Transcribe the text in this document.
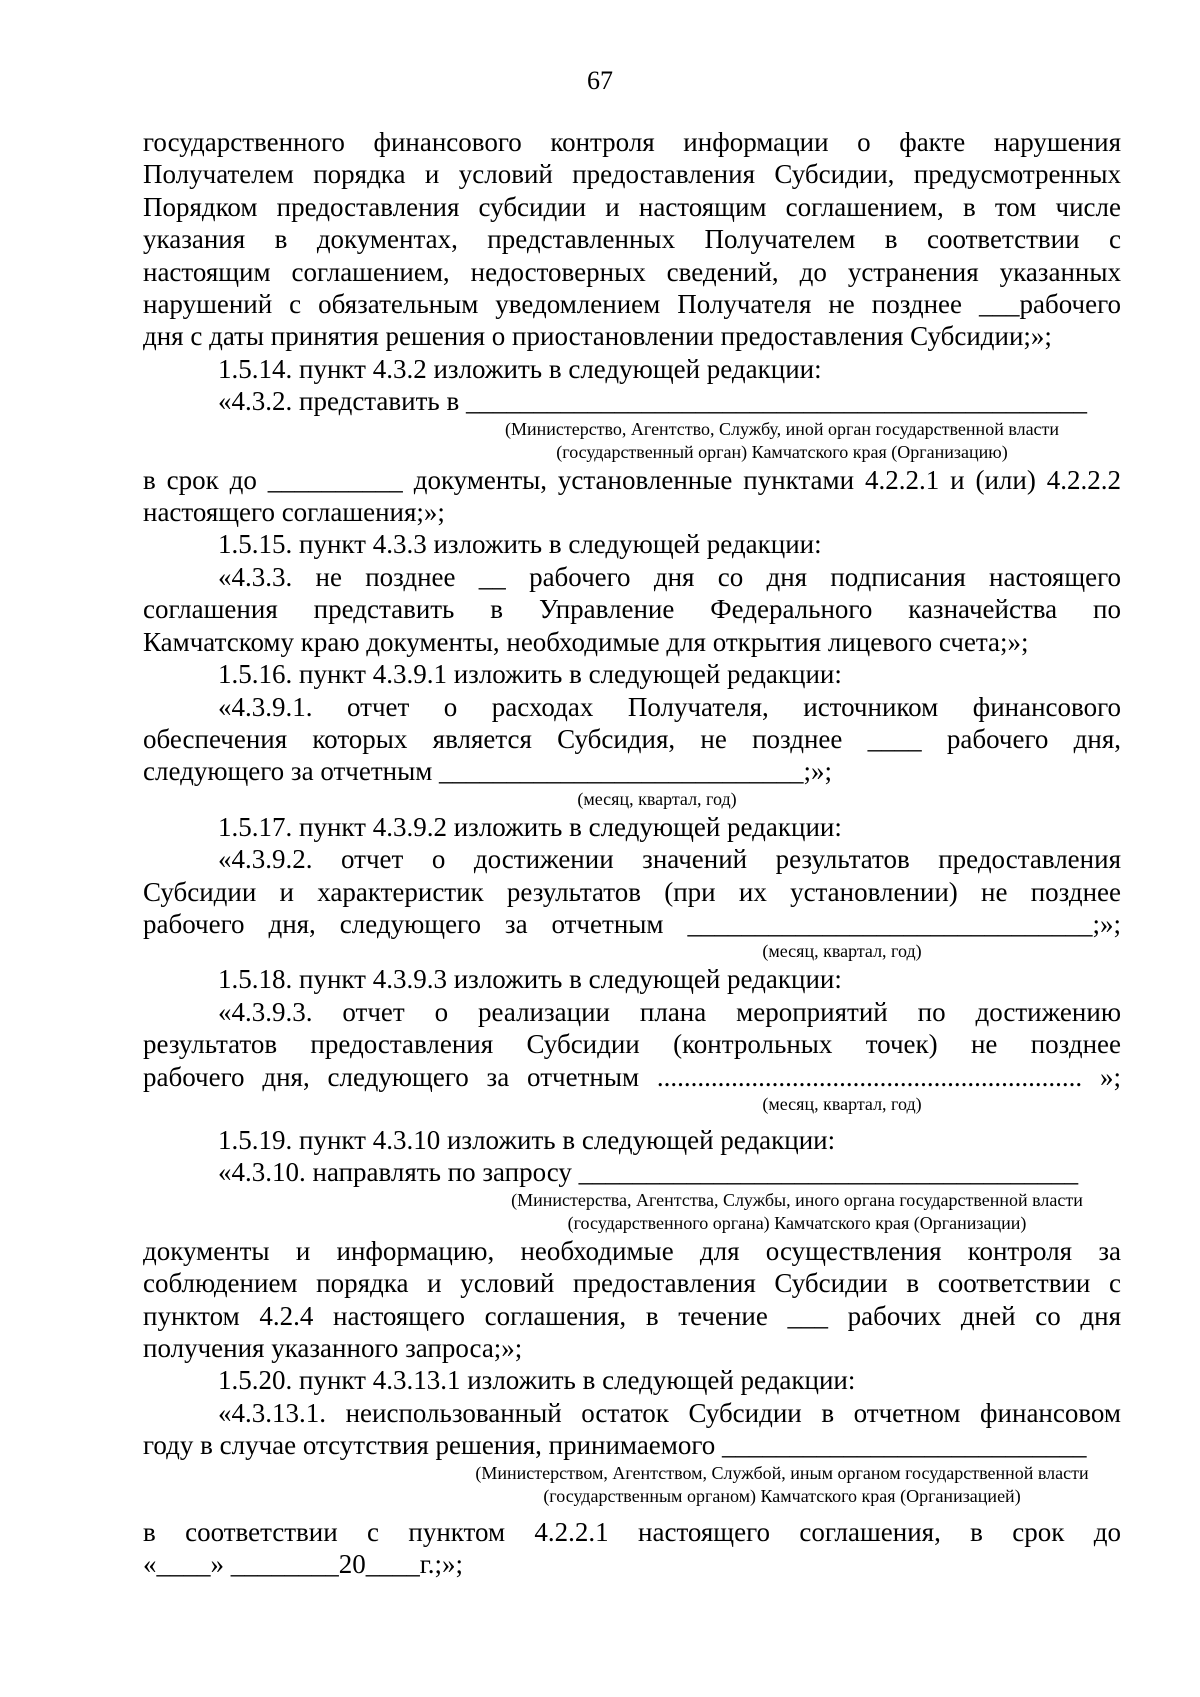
67

государственного финансового контроля информации о факте нарушения

Получателем порядка и условий предоставления Субсидии, предусмотренных

Порядком предоставления субсидии и настоящим соглашением, в том числе

указания в документах, представленных Получателем в соответствии с

настоящим соглашением, недостоверных сведений, до устранения указанных

нарушений с обязательным уведомлением Получателя не позднее ___рабочего

дня с даты принятия решения о приостановлении предоставления Субсидии;»;

1.5.14. пункт 4.3.2 изложить в следующей редакции:

«4.3.2. представить в ______________________________________________

(Министерство, Агентство, Службу, иной орган государственной власти

(государственный орган) Камчатского края (Организацию)

в срок до __________ документы, установленные пунктами 4.2.2.1 и (или) 4.2.2.2

настоящего соглашения;»;

1.5.15. пункт 4.3.3 изложить в следующей редакции:

«4.3.3. не позднее __ рабочего дня со дня подписания настоящего

соглашения представить в Управление Федерального казначейства по

Камчатскому краю документы, необходимые для открытия лицевого счета;»;

1.5.16. пункт 4.3.9.1 изложить в следующей редакции:

«4.3.9.1. отчет о расходах Получателя, источником финансового

обеспечения которых является Субсидия, не позднее ____ рабочего дня,

следующего за отчетным ___________________________;»;

(месяц, квартал, год)

1.5.17. пункт 4.3.9.2 изложить в следующей редакции:

«4.3.9.2. отчет о достижении значений результатов предоставления

Субсидии и характеристик результатов (при их установлении) не позднее

рабочего дня, следующего за отчетным ______________________________;»;

(месяц, квартал, год)

1.5.18. пункт 4.3.9.3 изложить в следующей редакции:

«4.3.9.3. отчет о реализации плана мероприятий по достижению

результатов предоставления Субсидии (контрольных точек) не позднее

рабочего дня, следующего за отчетным ............................................................... »;

(месяц, квартал, год)

1.5.19. пункт 4.3.10 изложить в следующей редакции:

«4.3.10. направлять по запросу _____________________________________

(Министерства, Агентства, Службы, иного органа государственной власти

(государственного органа) Камчатского края (Организации)

документы и информацию, необходимые для осуществления контроля за

соблюдением порядка и условий предоставления Субсидии в соответствии с

пунктом 4.2.4 настоящего соглашения, в течение ___ рабочих дней со дня

получения указанного запроса;»;

1.5.20. пункт 4.3.13.1 изложить в следующей редакции:

«4.3.13.1. неиспользованный остаток Субсидии в отчетном финансовом

году в случае отсутствия решения, принимаемого ___________________________

(Министерством, Агентством, Службой, иным органом государственной власти

(государственным органом) Камчатского края (Организацией)

в соответствии с пунктом 4.2.2.1 настоящего соглашения, в срок до

«____» ________20____г.;»;
